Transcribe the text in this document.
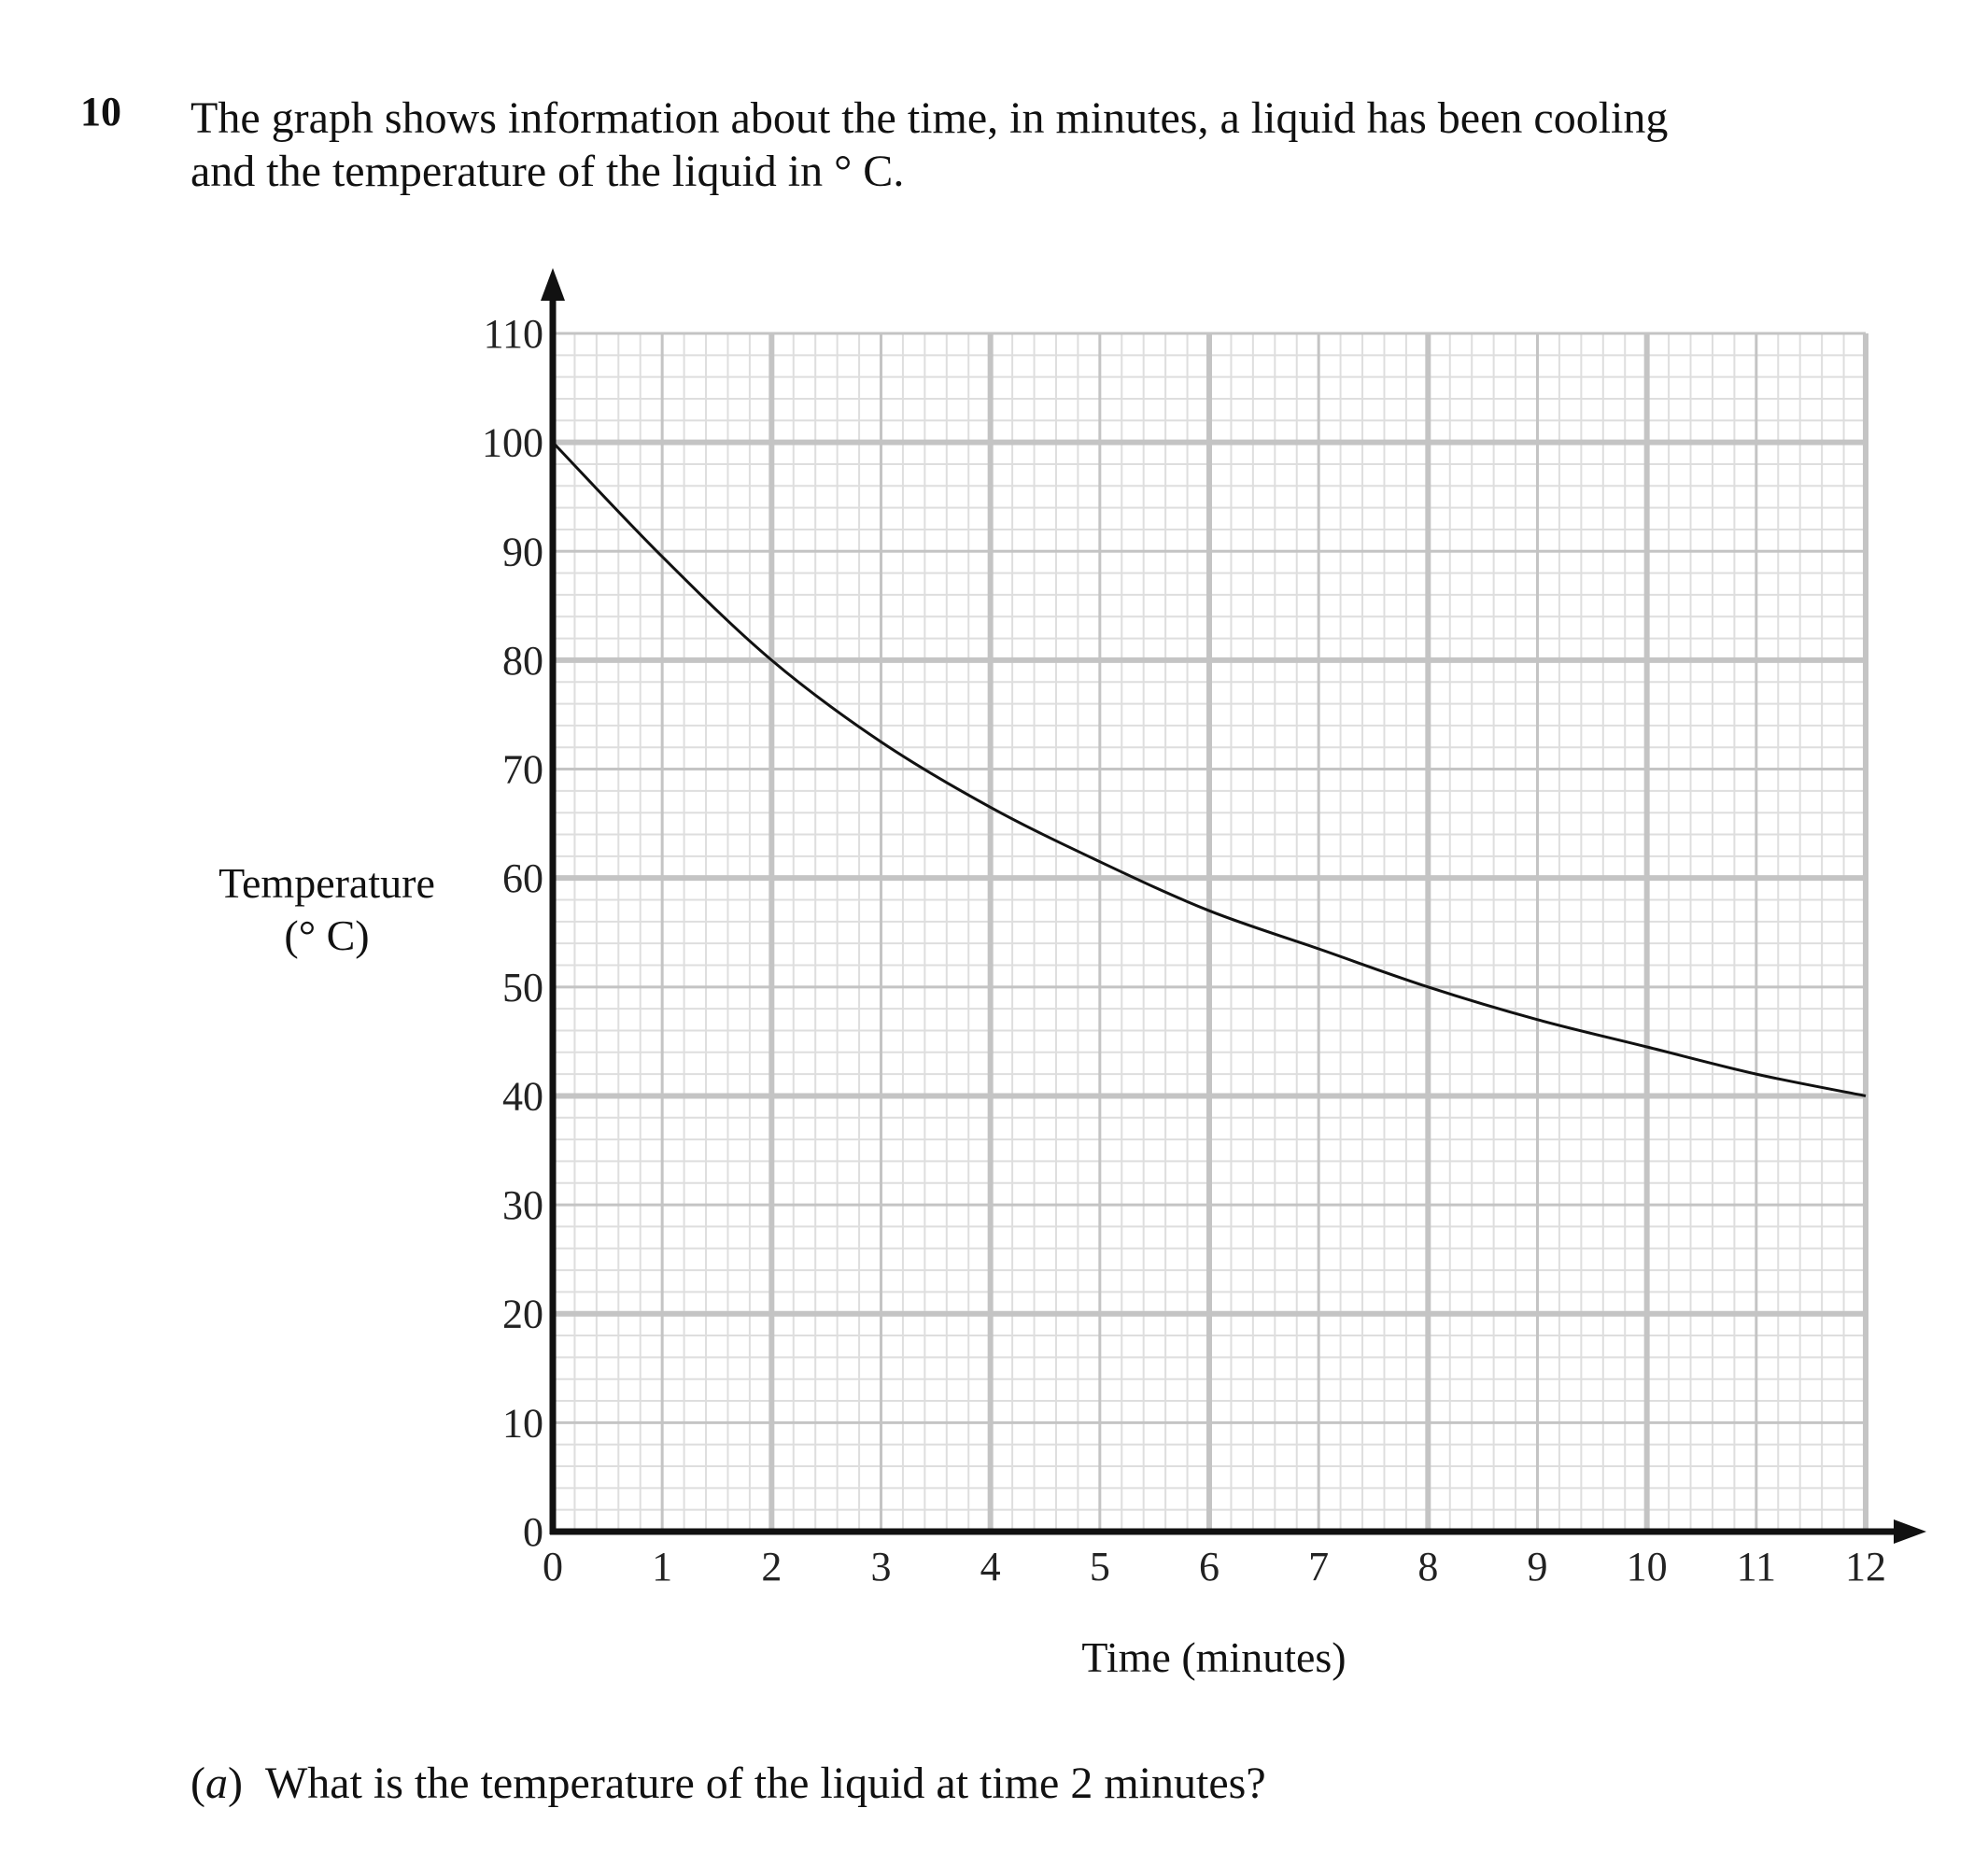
10 The graph shows information about the time, in minutes, a liquid has been cooling
and the temperature of the liquid in ° C.
0
10
20
30
40
50
60
70
80
90
100
110
0 1 2 3 4 5 6 7 8 9 10 11 12
Temperature
(° C)
Time (minutes)
(a)  What is the temperature of the liquid at time 2 minutes?
